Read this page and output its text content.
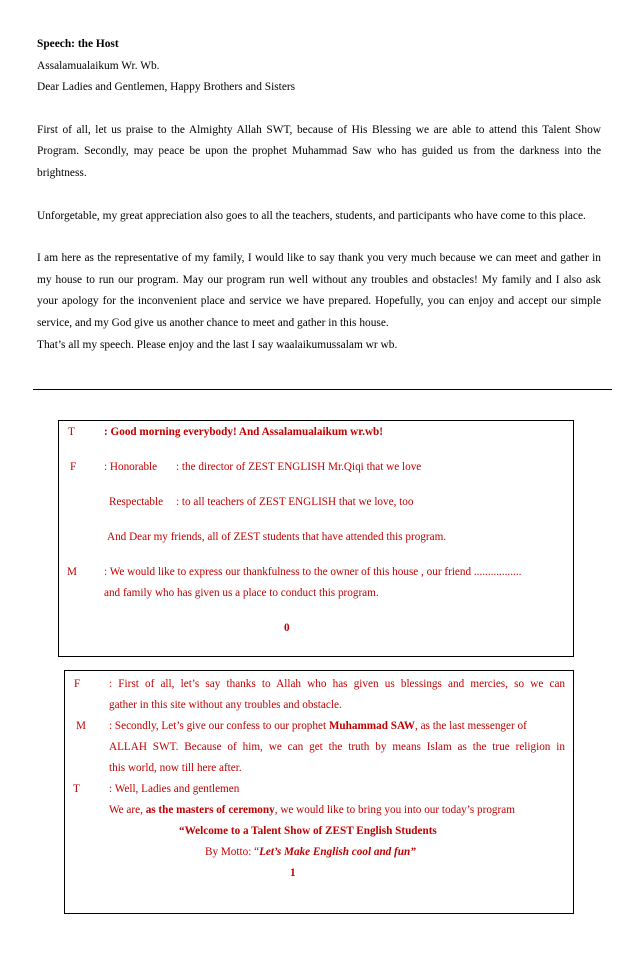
Speech: the Host

Assalamualaikum Wr. Wb.

Dear Ladies and Gentlemen, Happy Brothers and Sisters

First of all, let us praise to the Almighty Allah SWT, because of His Blessing we are able to attend this Talent Show Program. Secondly, may peace be upon the prophet Muhammad Saw who has guided us from the darkness into the brightness.

Unforgetable, my great appreciation also goes to all the teachers, students, and participants who have come to this place.

I am here as the representative of my family, I would like to say thank you very much because we can meet and gather in my house to run our program. May our program run well without any troubles and obstacles! My family and I also ask your apology for the inconvenient place and service we have prepared. Hopefully, you can enjoy and accept our simple service, and my God give us another chance to meet and gather in this house.

That’s all my speech. Please enjoy and the last I say waalaikumussalam wr wb.

T	: Good morning everybody! And Assalamualaikum wr.wb!
F : Honorable : the director of ZEST ENGLISH Mr.Qiqi that we love
Respectable : to all teachers of ZEST ENGLISH that we love, too
And Dear my friends, all of ZEST students that have attended this program.
M : We would like to express our thankfulness to the owner of this house , our friend .................
and family who has given us a place to conduct this program.
0
F	: First of all, let’s say thanks to Allah who has given us blessings and mercies, so we can
gather in this site without any troubles and obstacle.
M : Secondly, Let’s give our confess to our prophet Muhammad SAW, as the last messenger of
ALLAH SWT. Because of him, we can get the truth by means Islam as the true religion in
this world, now till here after.
T	: Well, Ladies and gentlemen
We are, as the masters of ceremony, we would like to bring you into our today’s program
“Welcome to a Talent Show of ZEST English Students
By Motto: “Let’s Make English cool and fun”
1
